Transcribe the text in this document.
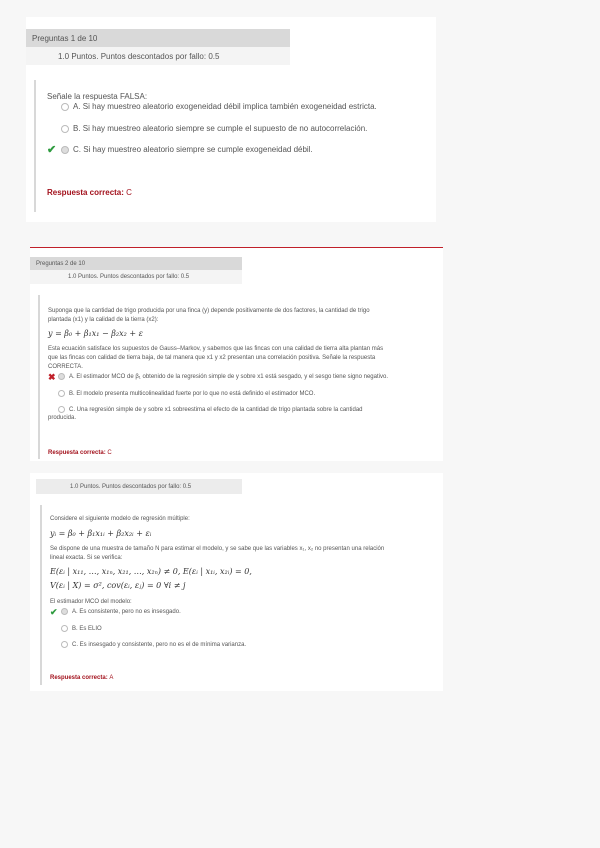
Preguntas 1 de 10
1.0 Puntos. Puntos descontados por fallo: 0.5
Señale la respuesta FALSA:
A. Si hay muestreo aleatorio exogeneidad débil implica también exogeneidad estricta.
B. Si hay muestreo aleatorio siempre se cumple el supuesto de no autocorrelación.
✔ C. Si hay muestreo aleatorio siempre se cumple exogeneidad débil.
Respuesta correcta: C
Preguntas 2 de 10
1.0 Puntos. Puntos descontados por fallo: 0.5
Suponga que la cantidad de trigo producida por una finca (y) depende positivamente de dos factores, la cantidad de trigo
plantada (x1) y la calidad de la tierra (x2):
y = β₀ + β₁x₁ − β₂x₂ + ε
Esta ecuación satisface los supuestos de Gauss–Markov, y sabemos que las fincas con una calidad de tierra alta plantan más
que las fincas con calidad de tierra baja, de tal manera que x1 y x2 presentan una correlación positiva. Señale la respuesta
CORRECTA.
✖ A. El estimador MCO de β₁ obtenido de la regresión simple de y sobre x1 está sesgado, y el sesgo tiene signo negativo.
B. El modelo presenta multicolinealidad fuerte por lo que no está definido el estimador MCO.
C. Una regresión simple de y sobre x1 sobreestima el efecto de la cantidad de trigo plantada sobre la cantidad
producida.
Respuesta correcta: C
1.0 Puntos. Puntos descontados por fallo: 0.5
Considere el siguiente modelo de regresión múltiple:
yᵢ = β₀ + β₁x₁ᵢ + β₂x₂ᵢ + εᵢ
Se dispone de una muestra de tamaño N para estimar el modelo, y se sabe que las variables x₁, x₂ no presentan una relación
lineal exacta. Si se verifica:
E(εᵢ | x₁₁, …, x₁ₙ, x₂₁, …, x₂ₙ) ≠ 0, E(εᵢ | x₁ᵢ, x₂ᵢ) = 0,
V(εᵢ | X) = σ², cov(εᵢ, εⱼ) = 0 ∀i ≠ j
El estimador MCO del modelo:
✔ A. Es consistente, pero no es insesgado.
B. Es ELIO
C. Es insesgado y consistente, pero no es el de mínima varianza.
Respuesta correcta: A
